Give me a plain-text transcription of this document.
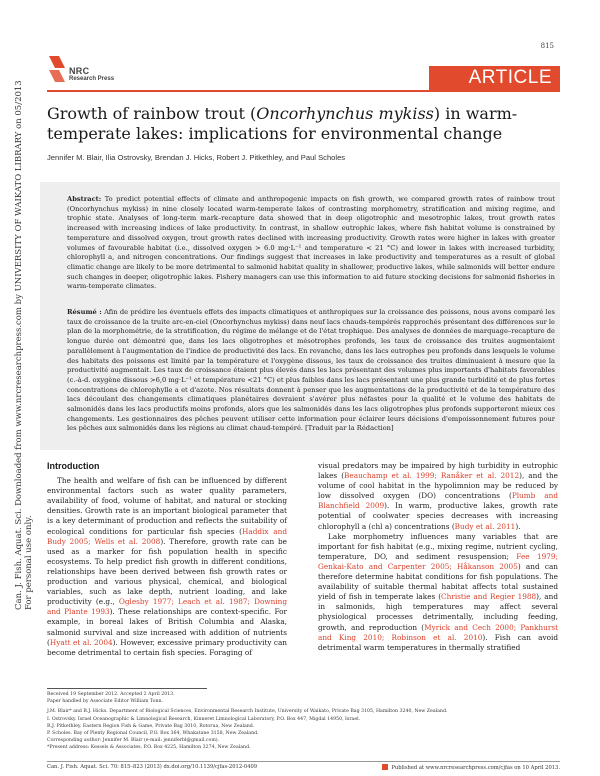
Can. J. Fish. Aquat. Sci. Downloaded from www.nrcresearchpress.com by UNIVERSITY OF WAIKATO LIBRARY on 05/2013 For personal use only.
815
NRC
Research Press	ARTICLE
Growth of rainbow trout (Oncorhynchus mykiss) in warm-temperate lakes: implications for environmental change
Jennifer M. Blair, Ilia Ostrovsky, Brendan J. Hicks, Robert J. Pitkethley, and Paul Scholes

Abstract: To predict potential effects of climate and anthropogenic impacts on fish growth, we compared growth rates of rainbow trout (Oncorhynchus mykiss) in nine closely located warm-temperate lakes of contrasting morphometry, stratification and mixing regime, and trophic state. Analyses of long-term mark–recapture data showed that in deep oligotrophic and mesotrophic lakes, trout growth rates increased with increasing indices of lake productivity. In contrast, in shallow eutrophic lakes, where fish habitat volume is constrained by temperature and dissolved oxygen, trout growth rates declined with increasing productivity. Growth rates were higher in lakes with greater volumes of favourable habitat (i.e., dissolved oxygen > 6.0 mg·L⁻¹ and temperature < 21 °C) and lower in lakes with increased turbidity, chlorophyll a, and nitrogen concentrations. Our findings suggest that increases in lake productivity and temperatures as a result of global climatic change are likely to be more detrimental to salmonid habitat quality in shallower, productive lakes, while salmonids will better endure such changes in deeper, oligotrophic lakes. Fishery managers can use this information to aid future stocking decisions for salmonid fisheries in warm-temperate climates.

Résumé : Afin de prédire les éventuels effets des impacts climatiques et anthropiques sur la croissance des poissons, nous avons comparé les taux de croissance de la truite arc-en-ciel (Oncorhynchus mykiss) dans neuf lacs chauds-tempérés rapprochés présentant des différences sur le plan de la morphométrie, de la stratification, du régime de mélange et de l'état trophique. Des analyses de données de marquage–recapture de longue durée ont démontré que, dans les lacs oligotrophes et mésotrophes profonds, les taux de croissance des truites augmentaient parallèlement à l'augmentation de l'indice de productivité des lacs. En revanche, dans les lacs eutrophes peu profonds dans lesquels le volume des habitats des poissons est limité par la température et l'oxygène dissous, les taux de croissance des truites diminuaient à mesure que la productivité augmentait. Les taux de croissance étaient plus élevés dans les lacs présentant des volumes plus importants d'habitats favorables (c.-à-d. oxygène dissous >6,0 mg·L⁻¹ et température <21 °C) et plus faibles dans les lacs présentant une plus grande turbidité et de plus fortes concentrations de chlorophylle a et d'azote. Nos résultats donnent à penser que les augmentations de la productivité et de la température des lacs découlant des changements climatiques planétaires devraient s'avérer plus néfastes pour la qualité et le volume des habitats de salmonidés dans les lacs productifs moins profonds, alors que les salmonidés dans les lacs oligotrophes plus profonds supporteront mieux ces changements. Les gestionnaires des pêches peuvent utiliser cette information pour éclairer leurs décisions d'empoissonnement futures pour les pêches aux salmonidés dans les régions au climat chaud-tempéré. [Traduit par la Rédaction]

Introduction

The health and welfare of fish can be influenced by different environmental factors such as water quality parameters, availability of food, volume of habitat, and natural or stocking densities. Growth rate is an important biological parameter that is a key determinant of production and reflects the suitability of ecological conditions for particular fish species (Haddix and Budy 2005; Wells et al. 2008). Therefore, growth rate can be used as a marker for fish population health in specific ecosystems. To help predict fish growth in different conditions, relationships have been derived between fish growth rates or production and various physical, chemical, and biological variables, such as lake depth, nutrient loading, and lake productivity (e.g., Oglesby 1977; Leach et al. 1987; Downing and Plante 1993). These relationships are context-specific. For example, in boreal lakes of British Columbia and Alaska, salmonid survival and size increased with addition of nutrients (Hyatt et al. 2004). However, excessive primary productivity can become detrimental to certain fish species. Foraging of

visual predators may be impaired by high turbidity in eutrophic lakes (Beauchamp et al. 1999; Ranåker et al. 2012), and the volume of cool habitat in the hypolimnion may be reduced by low dissolved oxygen (DO) concentrations (Plumb and Blanchfield 2009). In warm, productive lakes, growth rate potential of coolwater species decreases with increasing chlorophyll a (chl a) concentrations (Budy et al. 2011).

Lake morphometry influences many variables that are important for fish habitat (e.g., mixing regime, nutrient cycling, temperature, DO, and sediment resuspension; Fee 1979; Genkai-Kato and Carpenter 2005; Håkanson 2005) and can therefore determine habitat conditions for fish populations. The availability of suitable thermal habitat affects total sustained yield of fish in temperate lakes (Christie and Regier 1988), and in salmonids, high temperatures may affect several physiological processes detrimentally, including feeding, growth, and reproduction (Myrick and Cech 2000; Pankhurst and King 2010; Robinson et al. 2010). Fish can avoid detrimental warm temperatures in thermally stratified

Received 19 September 2012. Accepted 2 April 2013.
Paper handled by Associate Editor William Tonn.
J.M. Blair* and B.J. Hicks. Department of Biological Sciences, Environmental Research Institute, University of Waikato, Private Bag 3105, Hamilton 3240, New Zealand.
I. Ostrovsky. Israel Oceanographic & Limnological Research, Kinneret Limnological Laboratory, P.O. Box 447, Migdal 14950, Israel.
R.J. Pitkethley. Eastern Region Fish & Game, Private Bag 3010, Rotorua, New Zealand.
P. Scholes. Bay of Plenty Regional Council, P.O. Box 364, Whakatane 3158, New Zealand.
Corresponding author: Jennifer M. Blair (e-mail: jenniferbl@gmail.com).
*Present address: Kessels & Associates, P.O. Box 4225, Hamilton 3274, New Zealand.
Can. J. Fish. Aquat. Sci. 70: 815–823 (2013) dx.doi.org/10.1139/cjfas-2012-0409	Published at www.nrcresearchpress.com/cjfas on 10 April 2013.
